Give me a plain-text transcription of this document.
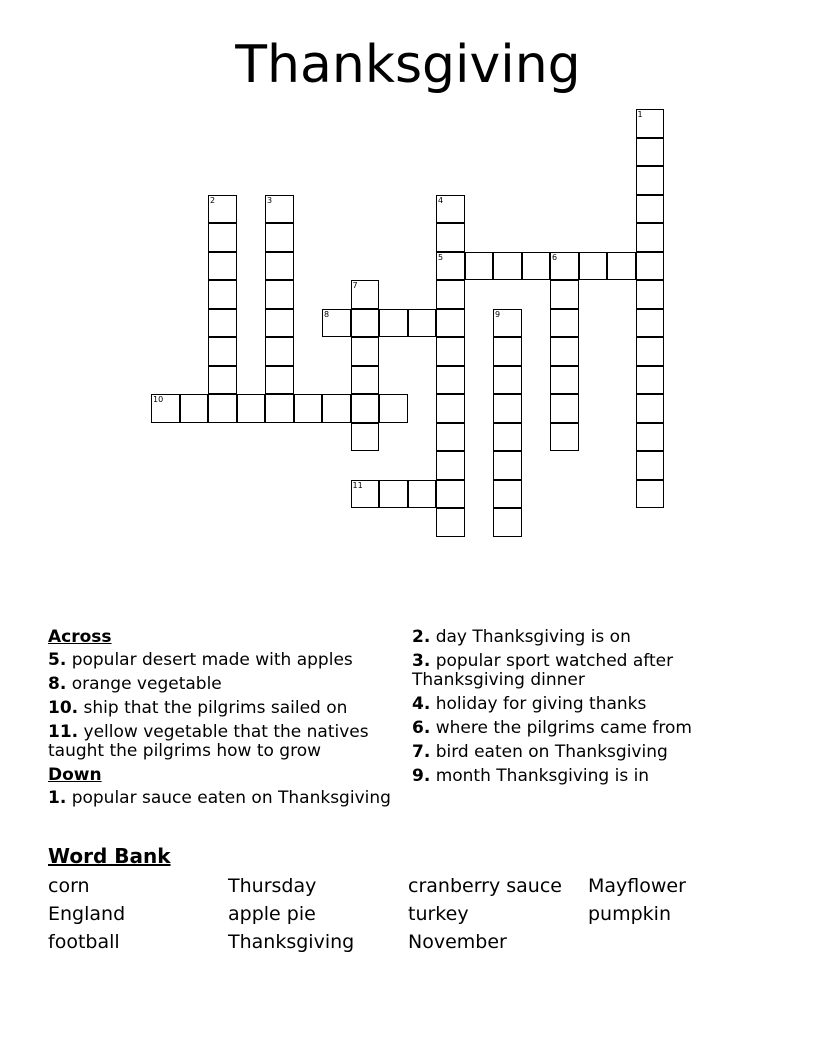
Thanksgiving
1
2	3	4
5	6
7
8	9
10
11
Across
5. popular desert made with apples
8. orange vegetable
10. ship that the pilgrims sailed on
11. yellow vegetable that the natives taught the pilgrims how to grow
Down
1. popular sauce eaten on Thanksgiving
2. day Thanksgiving is on
3. popular sport watched after Thanksgiving dinner
4. holiday for giving thanks
6. where the pilgrims came from
7. bird eaten on Thanksgiving
9. month Thanksgiving is in
Word Bank
corn	Thursday	cranberry sauce	Mayflower
England	apple pie	turkey	pumpkin
football	Thanksgiving	November
